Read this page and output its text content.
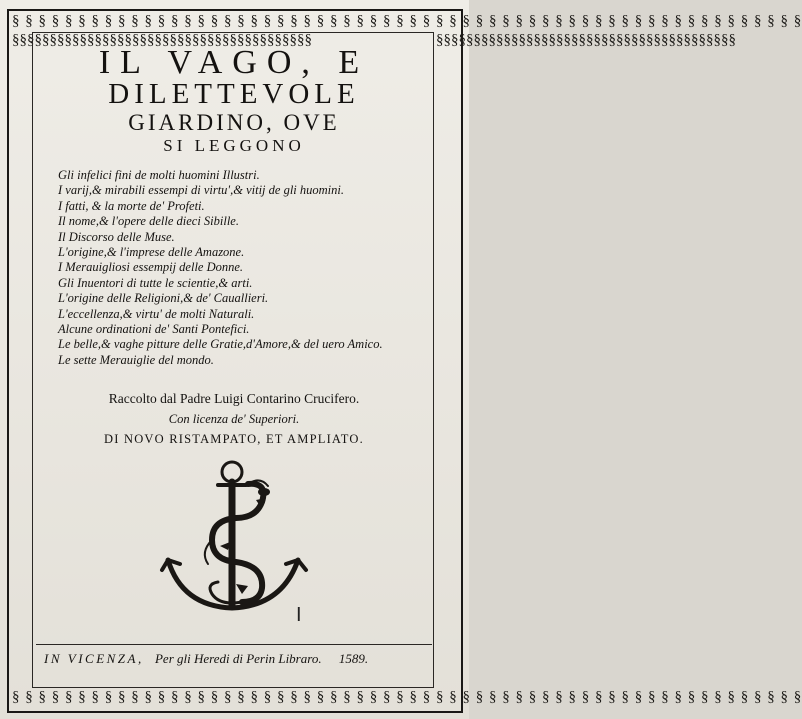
§ § § § § § § § § § § § § § § § § § § § § § § § § § § § § § § § § § § § § § § § § § § § § § § § § § § § § § § § § § § §
§ § § § § § § § § § § § § § § § § § § § § § § § § § § § § § § § § § § § § § § § § § § § § § § § § § § § § § § § § § § §
§§§§§§§§§§§§§§§§§§§§§§§§§§§§§§§§§§§§§§§§	§§§§§§§§§§§§§§§§§§§§§§§§§§§§§§§§§§§§§§§§
IL VAGO, E
DILETTEVOLE
GIARDINO, OVE
SI LEGGONO
Gli infelici fini de molti huomini Illustri.
I varij,& mirabili essempi di virtu',& vitij de gli huomini.
I fatti, & la morte de' Profeti.
Il nome,& l'opere delle dieci Sibille.
Il Discorso delle Muse.
L'origine,& l'imprese delle Amazone.
I Merauigliosi essempij delle Donne.
Gli Inuentori di tutte le scientie,& arti.
L'origine delle Religioni,& de' Cauallieri.
L'eccellenza,& virtu' de molti Naturali.
Alcune ordinationi de' Santi Pontefici.
Le belle,& vaghe pitture delle Gratie,d'Amore,& del uero Amico.
Le sette Merauiglie del mondo.
Raccolto dal Padre Luigi Contarino Crucifero.
Con licenza de' Superiori.
DI NOVO RISTAMPATO, ET AMPLIATO.
I
IN VICENZA, Per gli Heredi di Perin Libraro. 1589.
